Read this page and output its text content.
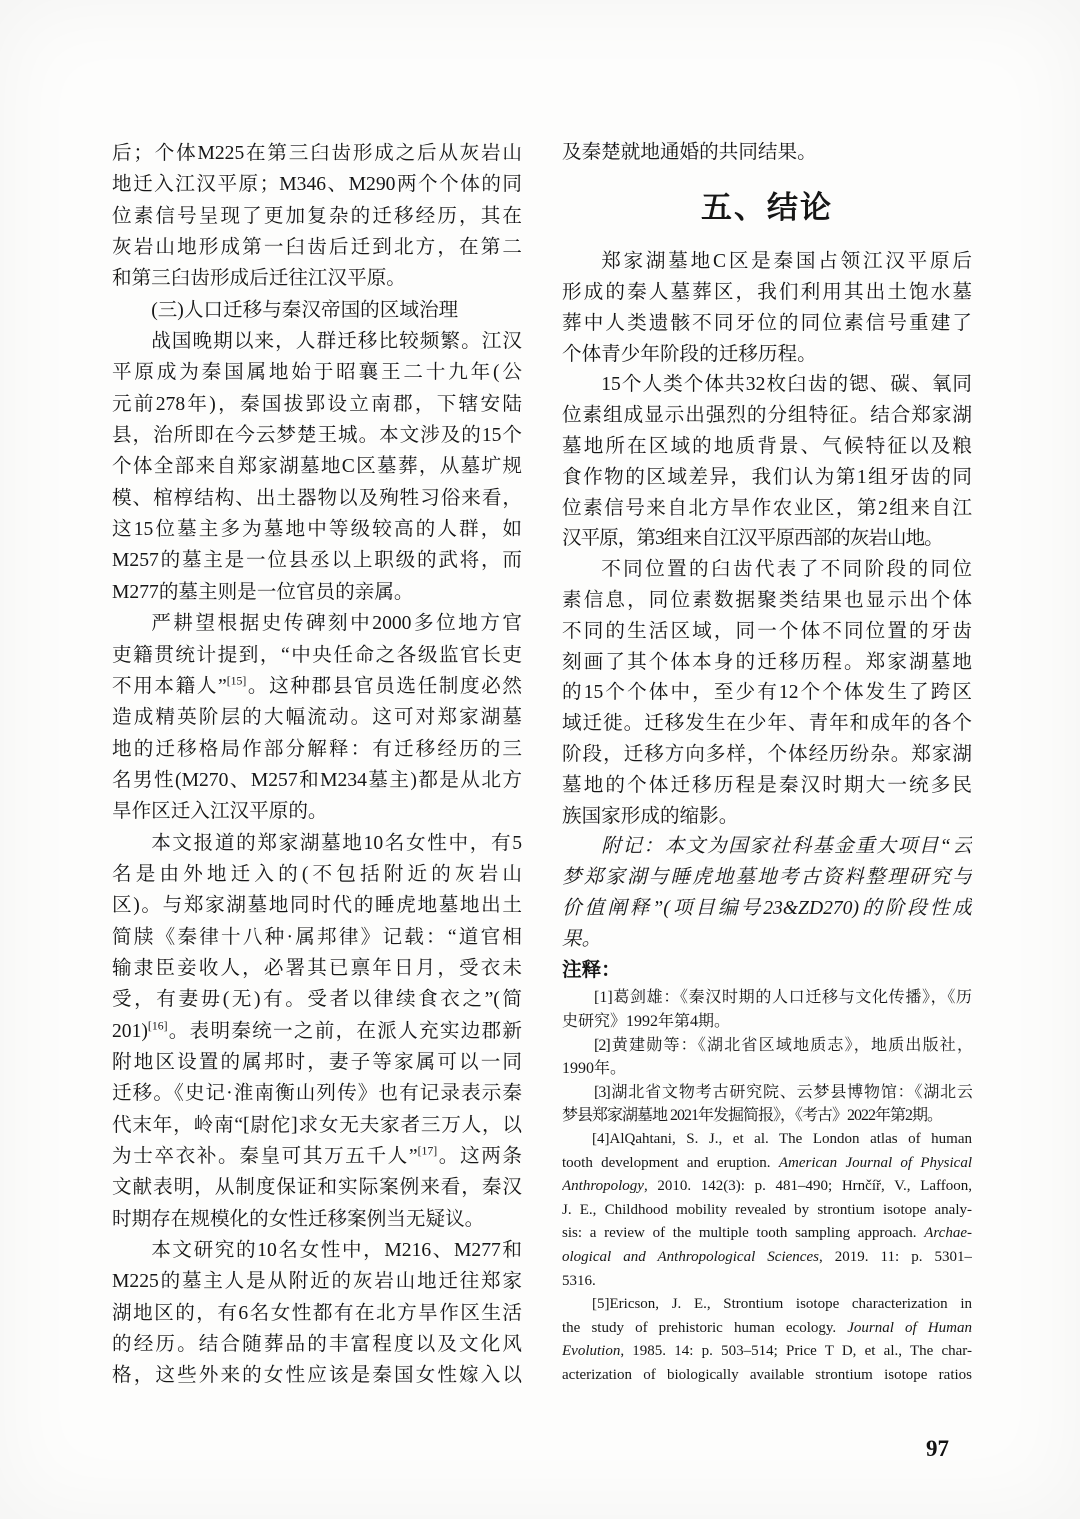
后；个体M225在第三臼齿形成之后从灰岩山
地迁入江汉平原；M346、M290两个个体的同
位素信号呈现了更加复杂的迁移经历，其在
灰岩山地形成第一臼齿后迁到北方，在第二
和第三臼齿形成后迁往江汉平原。
(三)人口迁移与秦汉帝国的区域治理
战国晚期以来，人群迁移比较频繁。江汉
平原成为秦国属地始于昭襄王二十九年(公
元前278年)，秦国拔郢设立南郡，下辖安陆
县，治所即在今云梦楚王城。本文涉及的15个
个体全部来自郑家湖墓地C区墓葬，从墓圹规
模、棺椁结构、出土器物以及殉牲习俗来看，
这15位墓主多为墓地中等级较高的人群，如
M257的墓主是一位县丞以上职级的武将，而
M277的墓主则是一位官员的亲属。
严耕望根据史传碑刻中2000多位地方官
吏籍贯统计提到，“中央任命之各级监官长吏
不用本籍人”[15]。这种郡县官员选任制度必然
造成精英阶层的大幅流动。这可对郑家湖墓
地的迁移格局作部分解释：有迁移经历的三
名男性(M270、M257和M234墓主)都是从北方
旱作区迁入江汉平原的。
本文报道的郑家湖墓地10名女性中，有5
名是由外地迁入的(不包括附近的灰岩山
区)。与郑家湖墓地同时代的睡虎地墓地出土
简牍《秦律十八种·属邦律》记载：“道官相
输隶臣妾收人，必署其已禀年日月，受衣未
受，有妻毋(无)有。受者以律续食衣之”(简
201)[16]。表明秦统一之前，在派人充实边郡新
附地区设置的属邦时，妻子等家属可以一同
迁移。《史记·淮南衡山列传》也有记录表示秦
代末年，岭南“[尉佗]求女无夫家者三万人，以
为士卒衣补。秦皇可其万五千人”[17]。这两条
文献表明，从制度保证和实际案例来看，秦汉
时期存在规模化的女性迁移案例当无疑议。
本文研究的10名女性中，M216、M277和
M225的墓主人是从附近的灰岩山地迁往郑家
湖地区的，有6名女性都有在北方旱作区生活
的经历。结合随葬品的丰富程度以及文化风
格，这些外来的女性应该是秦国女性嫁入以
及秦楚就地通婚的共同结果。
五、结论
郑家湖墓地C区是秦国占领江汉平原后
形成的秦人墓葬区，我们利用其出土饱水墓
葬中人类遗骸不同牙位的同位素信号重建了
个体青少年阶段的迁移历程。
15个人类个体共32枚臼齿的锶、碳、氧同
位素组成显示出强烈的分组特征。结合郑家湖
墓地所在区域的地质背景、气候特征以及粮
食作物的区域差异，我们认为第1组牙齿的同
位素信号来自北方旱作农业区，第2组来自江
汉平原，第3组来自江汉平原西部的灰岩山地。
不同位置的臼齿代表了不同阶段的同位
素信息，同位素数据聚类结果也显示出个体
不同的生活区域，同一个体不同位置的牙齿
刻画了其个体本身的迁移历程。郑家湖墓地
的15个个体中，至少有12个个体发生了跨区
域迁徙。迁移发生在少年、青年和成年的各个
阶段，迁移方向多样，个体经历纷杂。郑家湖
墓地的个体迁移历程是秦汉时期大一统多民
族国家形成的缩影。
附记：本文为国家社科基金重大项目“云
梦郑家湖与睡虎地墓地考古资料整理研究与
价值阐释”(项目编号23&ZD270)的阶段性成
果。
注释：
[1]葛剑雄：《秦汉时期的人口迁移与文化传播》，《历
史研究》1992年第4期。
[2]黄建勋等：《湖北省区域地质志》，地质出版社，
1990年。
[3]湖北省文物考古研究院、云梦县博物馆：《湖北云
梦县郑家湖墓地 2021年发掘简报》，《考古》2022年第2期。
[4]AlQahtani, S. J., et al. The London atlas of human
tooth development and eruption. American Journal of Physical
Anthropology, 2010. 142(3): p. 481–490; Hrnčíř, V., Laffoon,
J. E., Childhood mobility revealed by strontium isotope analy-
sis: a review of the multiple tooth sampling approach. Archae-
ological and Anthropological Sciences, 2019. 11: p. 5301–
5316.
[5]Ericson, J. E., Strontium isotope characterization in
the study of prehistoric human ecology. Journal of Human
Evolution, 1985. 14: p. 503–514; Price T D, et al., The char-
acterization of biologically available strontium isotope ratios
97
